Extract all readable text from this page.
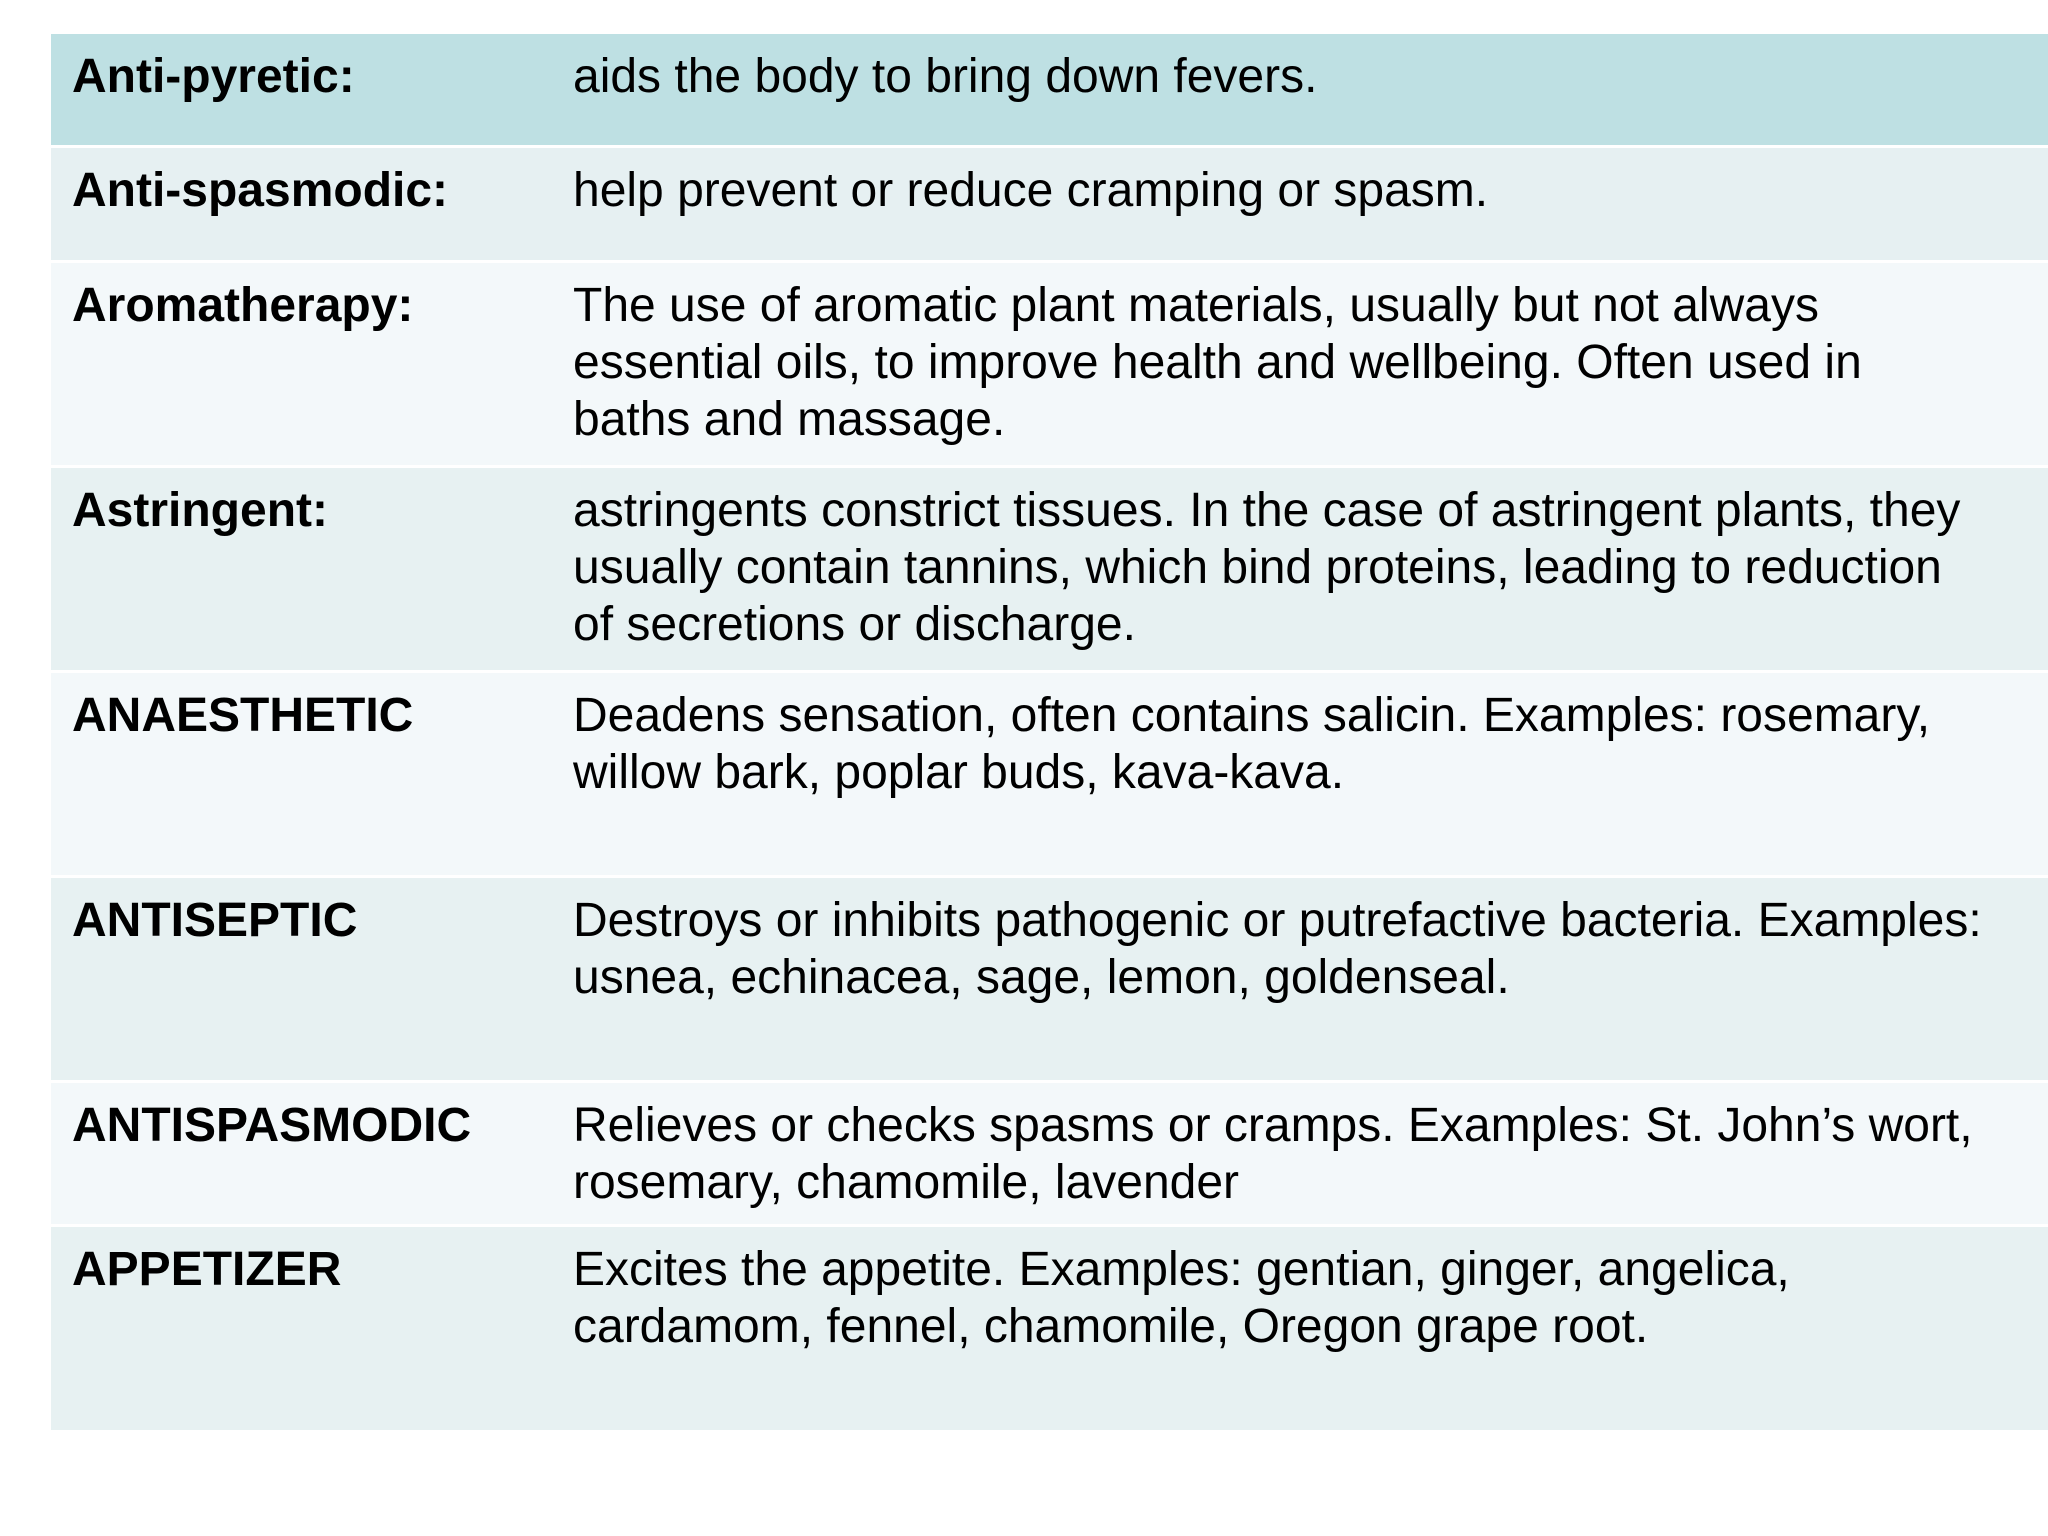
Anti-pyretic:	aids the body to bring down fevers.
Anti-spasmodic:	help prevent or reduce cramping or spasm.
Aromatherapy:	The use of aromatic plant materials, usually but not always
essential oils, to improve health and wellbeing. Often used in
baths and massage.
Astringent:	astringents constrict tissues. In the case of astringent plants, they
usually contain tannins, which bind proteins, leading to reduction
of secretions or discharge.
ANAESTHETIC	Deadens sensation, often contains salicin. Examples: rosemary,
willow bark, poplar buds, kava-kava.
ANTISEPTIC	Destroys or inhibits pathogenic or putrefactive bacteria. Examples:
usnea, echinacea, sage, lemon, goldenseal.
ANTISPASMODIC	Relieves or checks spasms or cramps. Examples: St. John’s wort,
rosemary, chamomile, lavender
APPETIZER	Excites the appetite. Examples: gentian, ginger, angelica,
cardamom, fennel, chamomile, Oregon grape root.
